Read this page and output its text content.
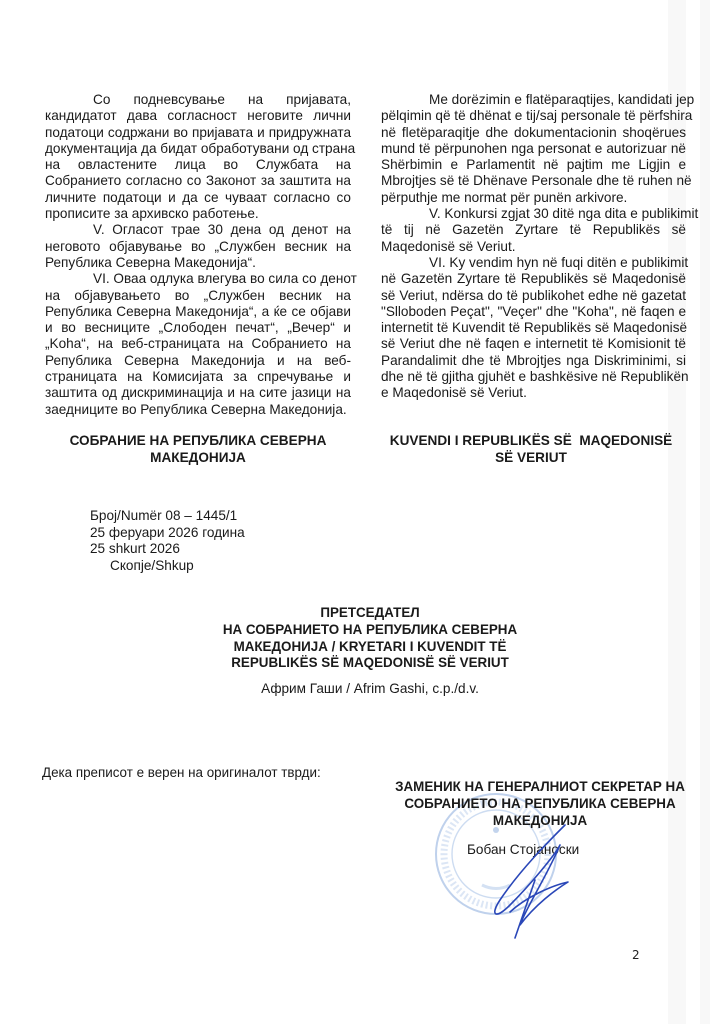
Со подневсување на пријавата,
кандидатот дава согласност неговите лични
податоци содржани во пријавата и придружната
документација да бидат обработувани од страна
на овластените лица во Службата на
Собранието согласно со Законот за заштита на
личните податоци и да се чуваат согласно со
прописите за архивско работење.
V. Огласот трае 30 дена од денот на
неговото објавување во „Службен весник на
Република Северна Македонија“.
VI. Оваа одлука влегува во сила со денот
на објавувањето во „Службен весник на
Република Северна Македонија“, а ќе се објави
и во весниците „Слободен печат“, „Вечер“ и
„Koha“, на веб-страницата на Собранието на
Република Северна Македонија и на веб-
страницата на Комисијата за спречување и
заштита од дискриминација и на сите јазици на
заедниците во Република Северна Македонија.
Me dorëzimin e flatëparaqtijes, kandidati jep
pëlqimin që të dhënat e tij/saj personale të përfshira
në fletëparaqitje dhe dokumentacionin shoqërues
mund të përpunohen nga personat e autorizuar në
Shërbimin e Parlamentit në pajtim me Ligjin e
Mbrojtjes së të Dhënave Personale dhe të ruhen në
përputhje me normat për punën arkivore.
V. Konkursi zgjat 30 ditë nga dita e publikimit
të tij në Gazetën Zyrtare të Republikës së
Maqedonisë së Veriut.
VI. Ky vendim hyn në fuqi ditën e publikimit
në Gazetën Zyrtare të Republikës së Maqedonisë
së Veriut, ndërsa do të publikohet edhe në gazetat
"Slloboden Peçat", "Veçer" dhe "Koha", në faqen e
internetit të Kuvendit të Republikës së Maqedonisë
së Veriut dhe në faqen e internetit të Komisionit të
Parandalimit dhe të Mbrojtjes nga Diskriminimi, si
dhe në të gjitha gjuhët e bashkësive në Republikën
e Maqedonisë së Veriut.
СОБРАНИЕ НА РЕПУБЛИКА СЕВЕРНА
МАКЕДОНИЈА
KUVENDI I REPUBLIKËS SË  MAQEDONISË
SË VERIUT
Број/Numër 08 – 1445/1
25 фeруари 2026 година
25 shkurt 2026
Скопје/Shkup
ПРЕТСЕДАТЕЛ
НА СОБРАНИЕТО НА РЕПУБЛИКА СЕВЕРНА
МАКЕДОНИЈА / KRYETARI I KUVENDIT TË
REPUBLIKËS SË MAQEDONISË SË VERIUT
Африм Гаши / Afrim Gashi, c.p./d.v.
Дека преписот е верен на оригиналот тврди:
ЗАМЕНИК НА ГЕНЕРАЛНИОТ СЕКРЕТАР НА
СОБРАНИЕТО НА РЕПУБЛИКА СЕВЕРНА
МАКЕДОНИЈА
Бобан Стојаноски
2
